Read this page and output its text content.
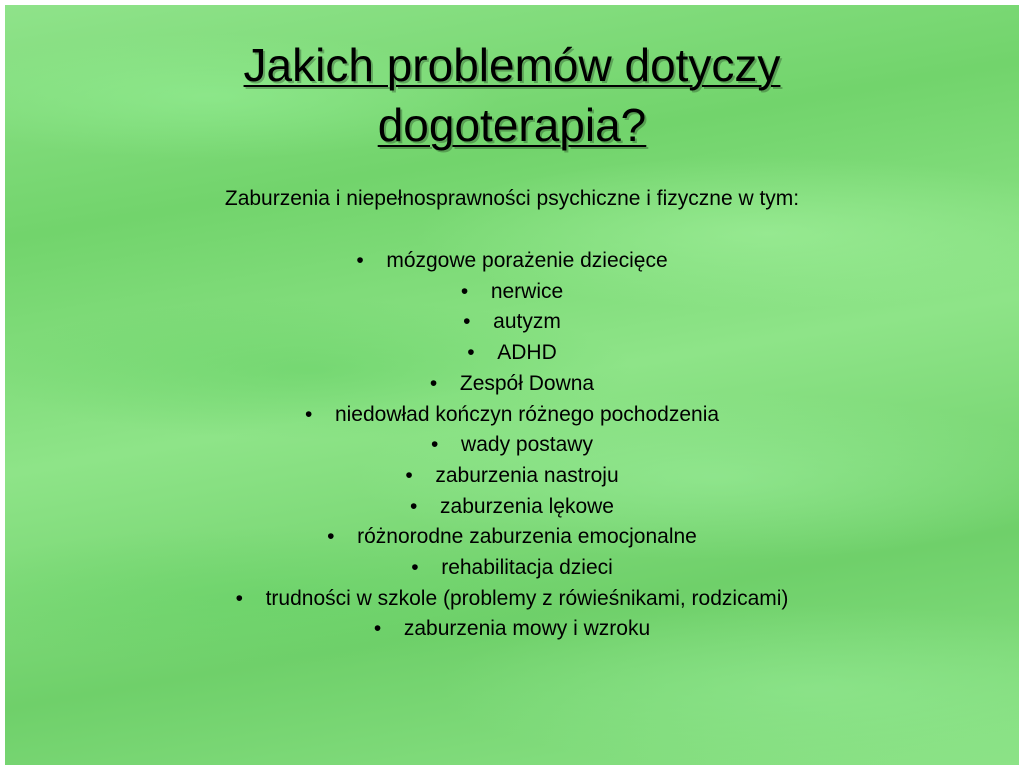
Jakich problemów dotyczy
dogoterapia?

Zaburzenia i niepełnosprawności psychiczne i fizyczne w tym:

• mózgowe porażenie dziecięce
• nerwice
• autyzm
• ADHD
• Zespół Downa
• niedowład kończyn różnego pochodzenia
• wady postawy
• zaburzenia nastroju
• zaburzenia lękowe
• różnorodne zaburzenia emocjonalne
• rehabilitacja dzieci
• trudności w szkole (problemy z rówieśnikami, rodzicami)
• zaburzenia mowy i wzroku
